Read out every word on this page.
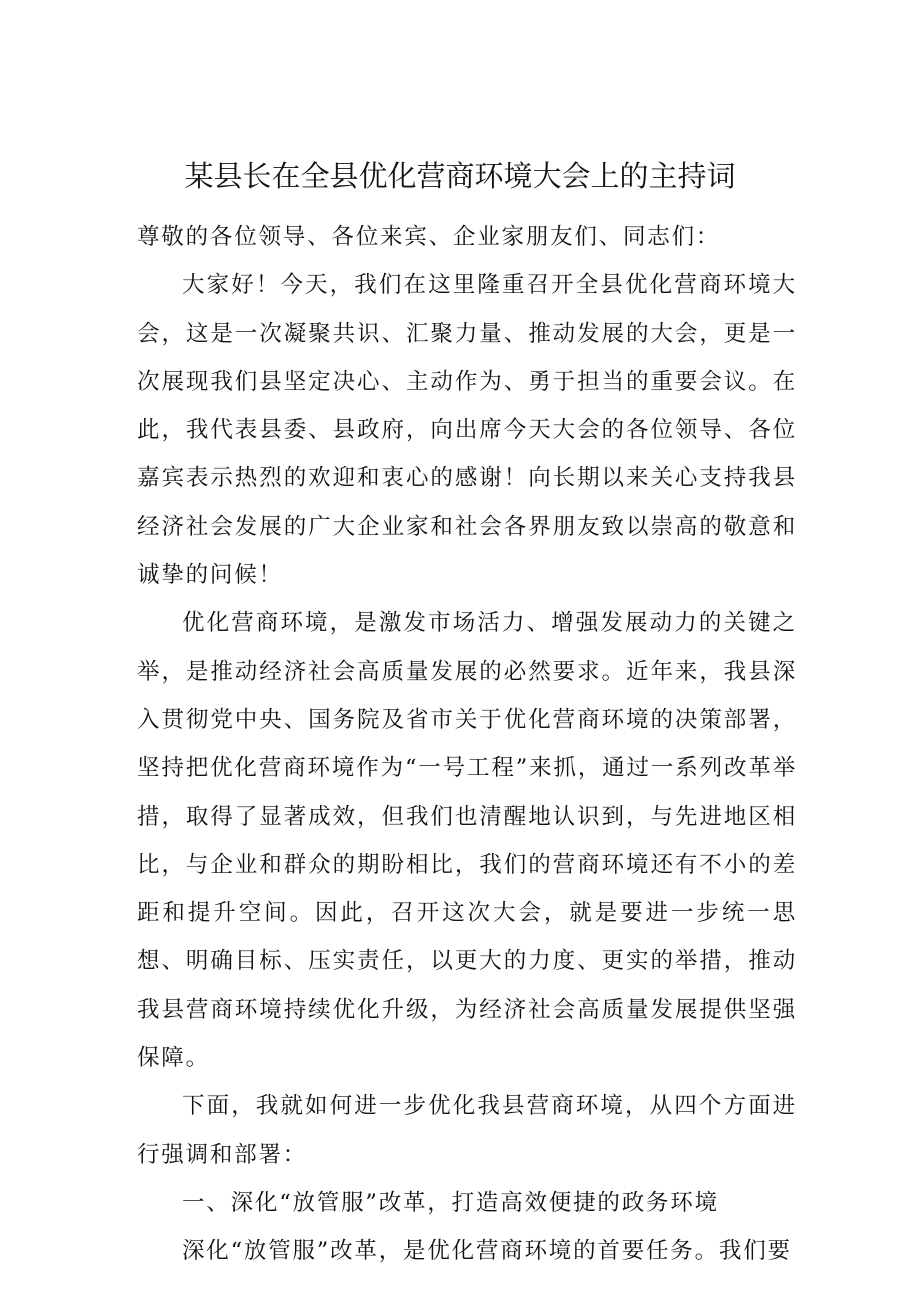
某县长在全县优化营商环境大会上的主持词

尊敬的各位领导、各位来宾、企业家朋友们、同志们：

大家好！今天，我们在这里隆重召开全县优化营商环境大会，这是一次凝聚共识、汇聚力量、推动发展的大会，更是一次展现我们县坚定决心、主动作为、勇于担当的重要会议。在此，我代表县委、县政府，向出席今天大会的各位领导、各位嘉宾表示热烈的欢迎和衷心的感谢！向长期以来关心支持我县经济社会发展的广大企业家和社会各界朋友致以崇高的敬意和诚挚的问候！

优化营商环境，是激发市场活力、增强发展动力的关键之举，是推动经济社会高质量发展的必然要求。近年来，我县深入贯彻党中央、国务院及省市关于优化营商环境的决策部署，坚持把优化营商环境作为“一号工程”来抓，通过一系列改革举措，取得了显著成效，但我们也清醒地认识到，与先进地区相比，与企业和群众的期盼相比，我们的营商环境还有不小的差距和提升空间。因此，召开这次大会，就是要进一步统一思想、明确目标、压实责任，以更大的力度、更实的举措，推动我县营商环境持续优化升级，为经济社会高质量发展提供坚强保障。

下面，我就如何进一步优化我县营商环境，从四个方面进行强调和部署：

一、深化“放管服”改革，打造高效便捷的政务环境

深化“放管服”改革，是优化营商环境的首要任务。我们要
